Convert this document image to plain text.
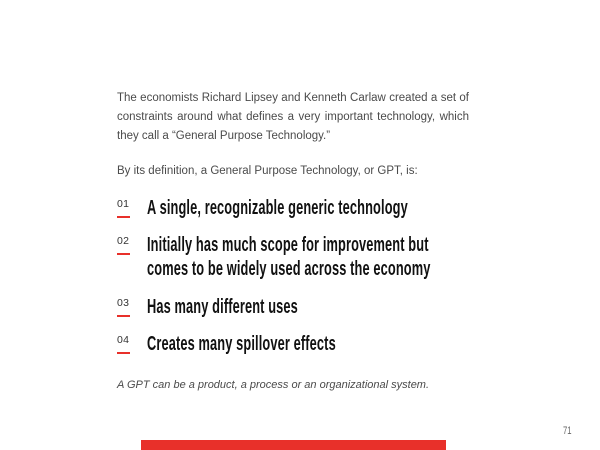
The economists Richard Lipsey and Kenneth Carlaw created a set of constraints around what defines a very important technology, which they call a “General Purpose Technology.”

By its definition, a General Purpose Technology, or GPT, is:

01 A single, recognizable generic technology
02 Initially has much scope for improvement but
comes to be widely used across the economy
03 Has many different uses
04 Creates many spillover effects

A GPT can be a product, a process or an organizational system.

71
